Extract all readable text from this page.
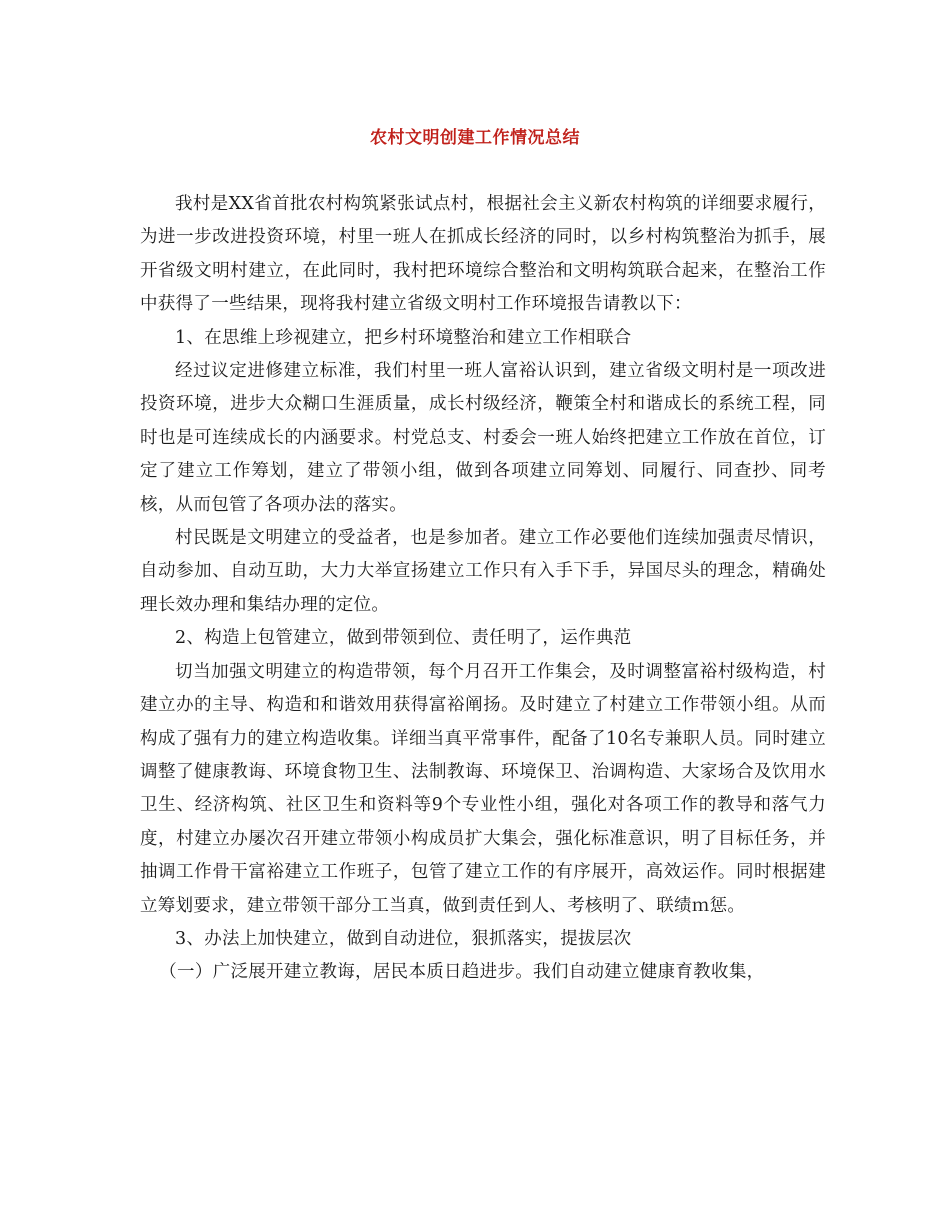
农村文明创建工作情况总结

我村是XX省首批农村构筑紧张试点村，根据社会主义新农村构筑的详细要求履行，为进一步改进投资环境，村里一班人在抓成长经济的同时，以乡村构筑整治为抓手，展开省级文明村建立，在此同时，我村把环境综合整治和文明构筑联合起来，在整治工作中获得了一些结果，现将我村建立省级文明村工作环境报告请教以下：

1、在思维上珍视建立，把乡村环境整治和建立工作相联合

经过议定进修建立标准，我们村里一班人富裕认识到，建立省级文明村是一项改进投资环境，进步大众糊口生涯质量，成长村级经济，鞭策全村和谐成长的系统工程，同时也是可连续成长的内涵要求。村党总支、村委会一班人始终把建立工作放在首位，订定了建立工作筹划，建立了带领小组，做到各项建立同筹划、同履行、同查抄、同考核，从而包管了各项办法的落实。

村民既是文明建立的受益者，也是参加者。建立工作必要他们连续加强责尽情识，自动参加、自动互助，大力大举宣扬建立工作只有入手下手，异国尽头的理念，精确处理长效办理和集结办理的定位。

2、构造上包管建立，做到带领到位、责任明了，运作典范

切当加强文明建立的构造带领，每个月召开工作集会，及时调整富裕村级构造，村建立办的主导、构造和和谐效用获得富裕阐扬。及时建立了村建立工作带领小组。从而构成了强有力的建立构造收集。详细当真平常事件，配备了10名专兼职人员。同时建立调整了健康教诲、环境食物卫生、法制教诲、环境保卫、治调构造、大家场合及饮用水卫生、经济构筑、社区卫生和资料等9个专业性小组，强化对各项工作的教导和落气力度，村建立办屡次召开建立带领小构成员扩大集会，强化标准意识，明了目标任务，并抽调工作骨干富裕建立工作班子，包管了建立工作的有序展开，高效运作。同时根据建立筹划要求，建立带领干部分工当真，做到责任到人、考核明了、联绩ｍ惩。

3、办法上加快建立，做到自动进位，狠抓落实，提拔层次

（一）广泛展开建立教诲，居民本质日趋进步。我们自动建立健康育教收集，
